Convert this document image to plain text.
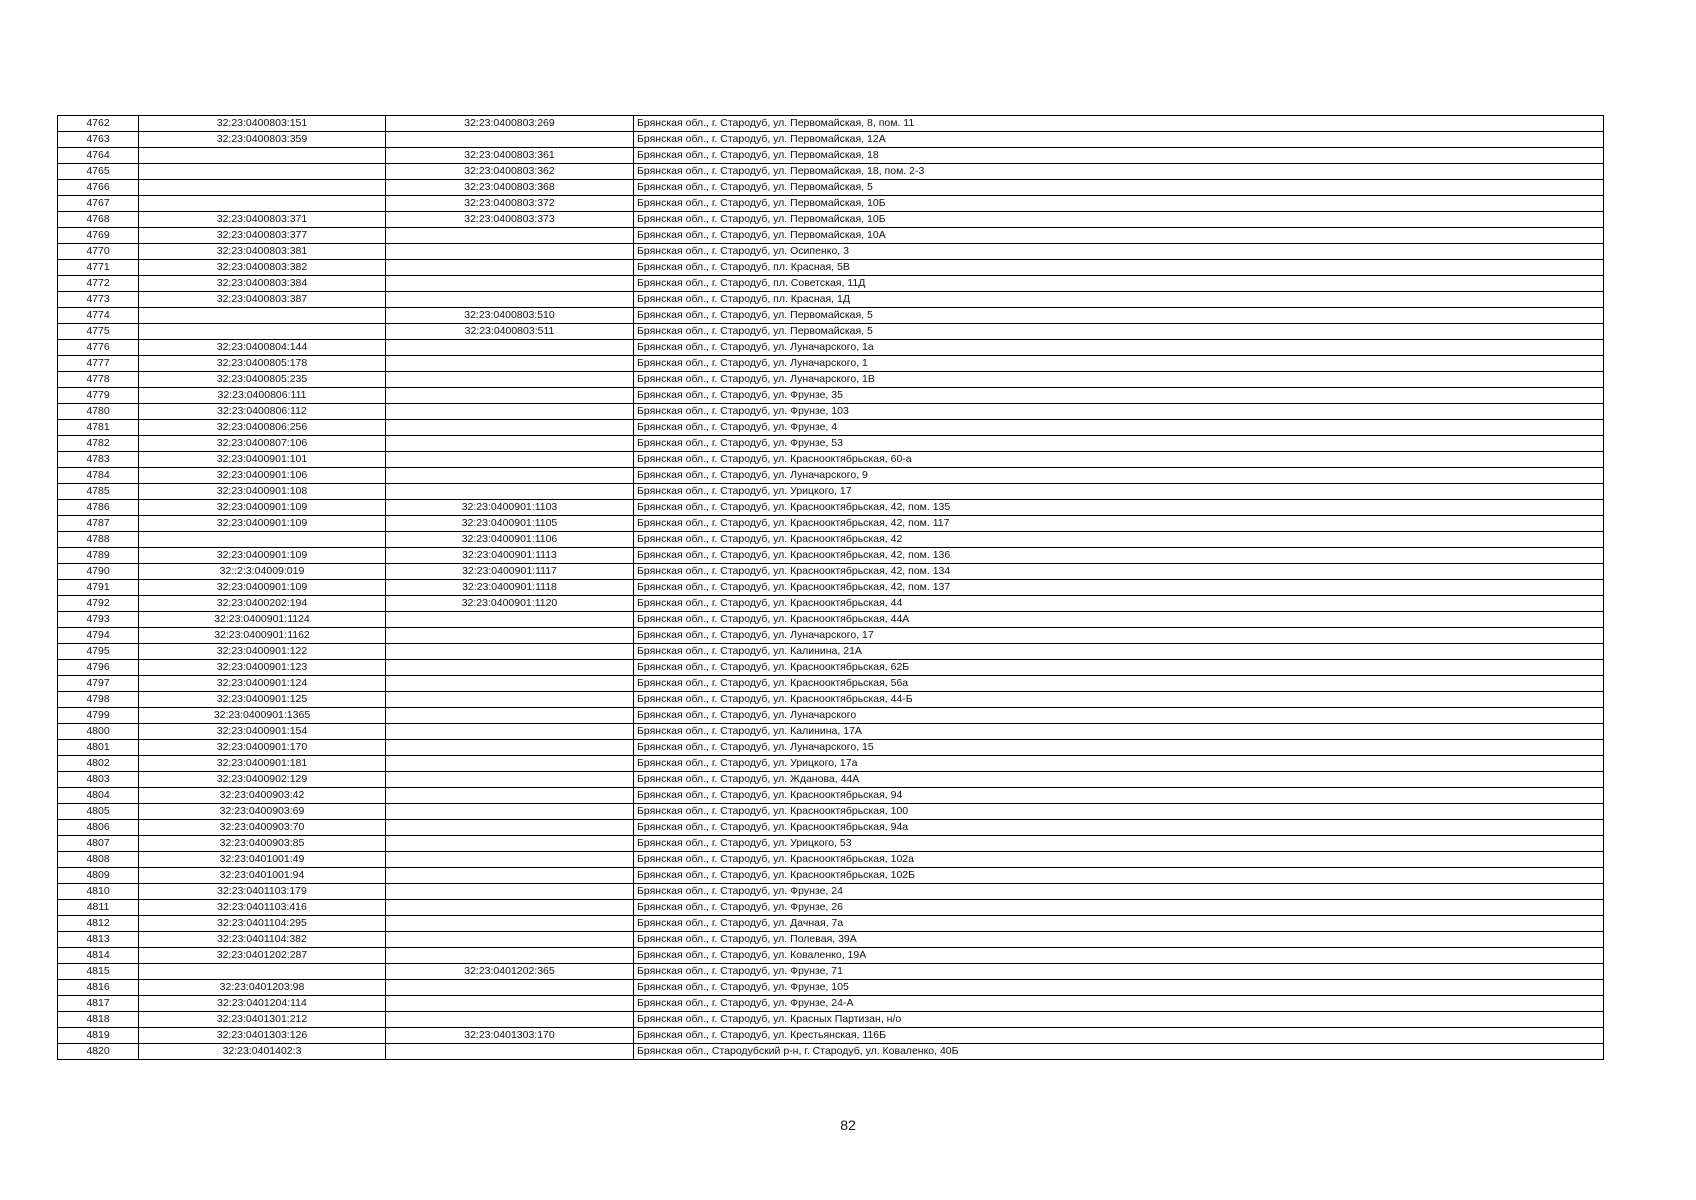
4762	32:23:0400803:151	32:23:0400803:269	Брянская обл., г. Стародуб, ул. Первомайская, 8, пом. 11
4763	32:23:0400803:359		Брянская обл., г. Стародуб, ул. Первомайская, 12А
4764		32:23:0400803:361	Брянская обл., г. Стародуб, ул. Первомайская, 18
4765		32:23:0400803:362	Брянская обл., г. Стародуб, ул. Первомайская, 18, пом. 2-3
4766		32:23:0400803:368	Брянская обл., г. Стародуб, ул. Первомайская, 5
4767		32:23:0400803:372	Брянская обл., г. Стародуб, ул. Первомайская, 10Б
4768	32:23:0400803:371	32:23:0400803:373	Брянская обл., г. Стародуб, ул. Первомайская, 10Б
4769	32:23:0400803:377		Брянская обл., г. Стародуб, ул. Первомайская, 10А
4770	32:23:0400803:381		Брянская обл., г. Стародуб, ул. Осипенко, 3
4771	32:23:0400803:382		Брянская обл., г. Стародуб, пл. Красная, 5В
4772	32:23:0400803:384		Брянская обл., г. Стародуб, пл. Советская, 11Д
4773	32:23:0400803:387		Брянская обл., г. Стародуб, пл. Красная, 1Д
4774		32:23:0400803:510	Брянская обл., г. Стародуб, ул. Первомайская, 5
4775		32:23:0400803:511	Брянская обл., г. Стародуб, ул. Первомайская, 5
4776	32:23:0400804:144		Брянская обл., г. Стародуб, ул. Луначарского, 1а
4777	32:23:0400805:178		Брянская обл., г. Стародуб, ул. Луначарского, 1
4778	32:23:0400805:235		Брянская обл., г. Стародуб, ул. Луначарского, 1В
4779	32:23:0400806:111		Брянская обл., г. Стародуб, ул. Фрунзе, 35
4780	32:23:0400806:112		Брянская обл., г. Стародуб, ул. Фрунзе, 103
4781	32:23:0400806:256		Брянская обл., г. Стародуб, ул. Фрунзе, 4
4782	32:23:0400807:106		Брянская обл., г. Стародуб, ул. Фрунзе, 53
4783	32:23:0400901:101		Брянская обл., г. Стародуб, ул. Краснооктябрьская, 60-а
4784	32:23:0400901:106		Брянская обл., г. Стародуб, ул. Луначарского, 9
4785	32:23:0400901:108		Брянская обл., г. Стародуб, ул. Урицкого, 17
4786	32:23:0400901:109	32:23:0400901:1103	Брянская обл., г. Стародуб, ул. Краснооктябрьская, 42, пом. 135
4787	32:23:0400901:109	32:23:0400901:1105	Брянская обл., г. Стародуб, ул. Краснооктябрьская, 42, пом. 117
4788		32:23:0400901:1106	Брянская обл., г. Стародуб, ул. Краснооктябрьская, 42
4789	32:23:0400901:109	32:23:0400901:1113	Брянская обл., г. Стародуб, ул. Краснооктябрьская, 42, пом. 136
4790	32::2:3:04009:019	32:23:0400901:1117	Брянская обл., г. Стародуб, ул. Краснооктябрьская, 42, пом. 134
4791	32:23:0400901:109	32:23:0400901:1118	Брянская обл., г. Стародуб, ул. Краснооктябрьская, 42, пом. 137
4792	32:23:0400202:194	32:23:0400901:1120	Брянская обл., г. Стародуб, ул. Краснооктябрьская, 44
4793	32:23:0400901:1124		Брянская обл., г. Стародуб, ул. Краснооктябрьская, 44А
4794	32:23:0400901:1162		Брянская обл., г. Стародуб, ул. Луначарского, 17
4795	32:23:0400901:122		Брянская обл., г. Стародуб, ул. Калинина, 21А
4796	32:23:0400901:123		Брянская обл., г. Стародуб, ул. Краснооктябрьская, 62Б
4797	32:23:0400901:124		Брянская обл., г. Стародуб, ул. Краснооктябрьская, 56а
4798	32:23:0400901:125		Брянская обл., г. Стародуб, ул. Краснооктябрьская, 44-Б
4799	32:23:0400901:1365		Брянская обл., г. Стародуб, ул. Луначарского
4800	32:23:0400901:154		Брянская обл., г. Стародуб, ул. Калинина, 17А
4801	32:23:0400901:170		Брянская обл., г. Стародуб, ул. Луначарского, 15
4802	32:23:0400901:181		Брянская обл., г. Стародуб, ул. Урицкого, 17а
4803	32:23:0400902:129		Брянская обл., г. Стародуб, ул. Жданова, 44А
4804	32:23:0400903:42		Брянская обл., г. Стародуб, ул. Краснооктябрьская, 94
4805	32:23:0400903:69		Брянская обл., г. Стародуб, ул. Краснооктябрьская, 100
4806	32:23:0400903:70		Брянская обл., г. Стародуб, ул. Краснооктябрьская, 94а
4807	32:23:0400903:85		Брянская обл., г. Стародуб, ул. Урицкого, 53
4808	32:23:0401001:49		Брянская обл., г. Стародуб, ул. Краснооктябрьская, 102а
4809	32:23:0401001:94		Брянская обл., г. Стародуб, ул. Краснооктябрьская, 102Б
4810	32:23:0401103:179		Брянская обл., г. Стародуб, ул. Фрунзе, 24
4811	32:23:0401103:416		Брянская обл., г. Стародуб, ул. Фрунзе, 26
4812	32:23:0401104:295		Брянская обл., г. Стародуб, ул. Дачная, 7а
4813	32:23:0401104:382		Брянская обл., г. Стародуб, ул. Полевая, 39А
4814	32:23:0401202:287		Брянская обл., г. Стародуб, ул. Коваленко, 19А
4815		32:23:0401202:365	Брянская обл., г. Стародуб, ул. Фрунзе, 71
4816	32:23:0401203:98		Брянская обл., г. Стародуб, ул. Фрунзе, 105
4817	32:23:0401204:114		Брянская обл., г. Стародуб, ул. Фрунзе, 24-А
4818	32:23:0401301:212		Брянская обл., г. Стародуб, ул. Красных Партизан, н/о
4819	32:23:0401303:126	32:23:0401303:170	Брянская обл., г. Стародуб, ул. Крестьянская, 116Б
4820	32:23:0401402:3		Брянская обл., Стародубский р-н, г. Стародуб, ул. Коваленко, 40Б
82
